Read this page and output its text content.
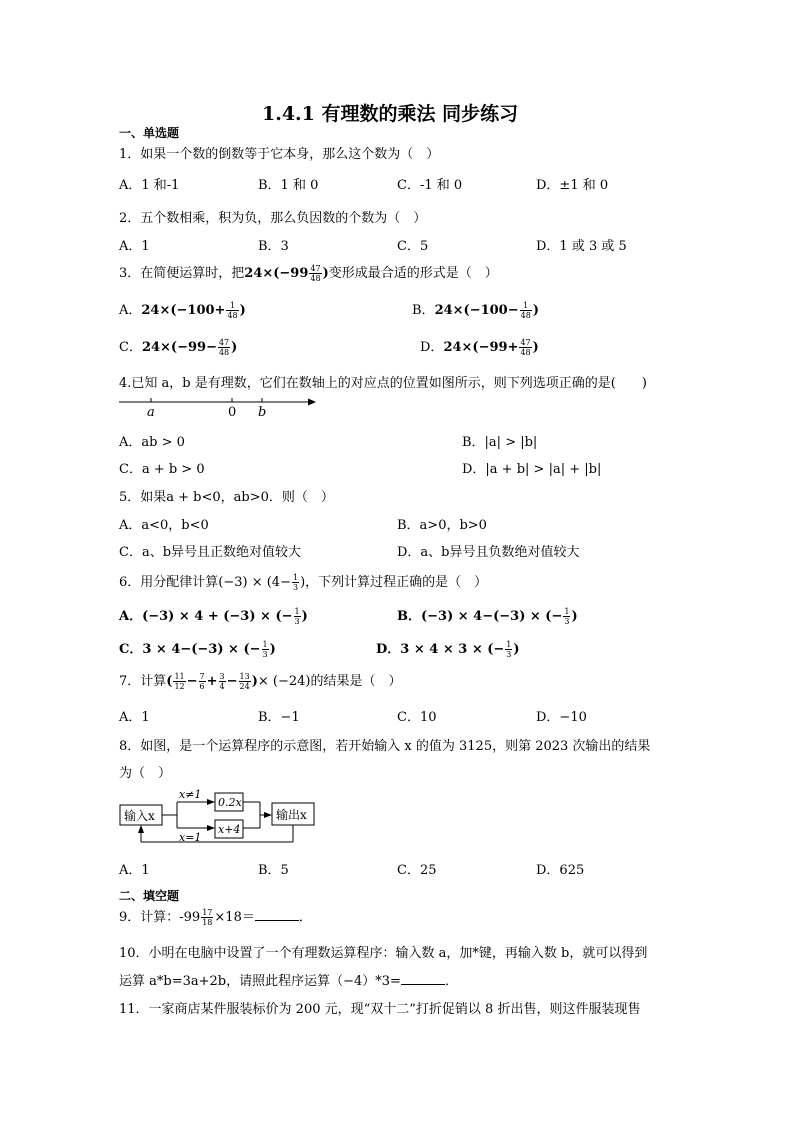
1.4.1 有理数的乘法 同步练习
一、单选题
1．如果一个数的倒数等于它本身，那么这个数为（　）
A．1 和-1	B．1 和 0	C．-1 和 0	D．±1 和 0
2．五个数相乘，积为负，那么负因数的个数为（　）
A．1	B．3	C．5	D．1 或 3 或 5
3．在简便运算时，把$24\times(-99 \frac{47}{48}$ )变形成最合适的形式是（　）
A．$24\times(-100+ \frac{1}{48}$ )	B．$24\times(-100- \frac{1}{48}$ )
C．$24\times(-99- \frac{47}{48}$ )	D．$24\times(-99+ \frac{47}{48}$ )
4.已知 a，b 是有理数，它们在数轴上的对应点的位置如图所示，则下列选项正确的是(　　)
a	0 b
A．ab > 0	B．|a| > |b|
C．a + b > 0	D．|a + b| > |a| + |b|
5．如果a + b<0，ab>0．则（　）
A．a<0，b<0	B．a>0，b>0
C．a、b异号且正数绝对值较大	D．a、b异号且负数绝对值较大
6．用分配律计算$(-3) \times (4- \frac{1}{3}$ )，下列计算过程正确的是（　）
A．(−3) × 4 + (−3) × (− $\frac{1}{3}$ )	B．(−3) × 4−(−3) × (− $\frac{1}{3}$ )
C．3 × 4−(−3) × (− $\frac{1}{3}$ )	D．3 × 4 × 3 × (− $\frac{1}{3}$ )
7．计算( $\frac{11}{12} - \frac{7}{6} + \frac{3}{4} - \frac{13}{24}$ )× (−24)的结果是（　）
A．1	B．−1	C．10	D．−10
8．如图，是一个运算程序的示意图，若开始输入 x 的值为 3125，则第 2023 次输出的结果
为（　）
输入x
x≠1
0.2x
x+4
输出x
x=1
A．1	B．5	C．25	D．625
二、填空题
9．计算：$-99 \frac{17}{18} \times 18=$	．
10．小明在电脑中设置了一个有理数运算程序：输入数 a，加*键，再输入数 b，就可以得到
运算 a*b=3a+2b，请照此程序运算（−4）*3=	．
11．一家商店某件服装标价为 200 元，现“双十二”打折促销以 8 折出售，则这件服装现售
